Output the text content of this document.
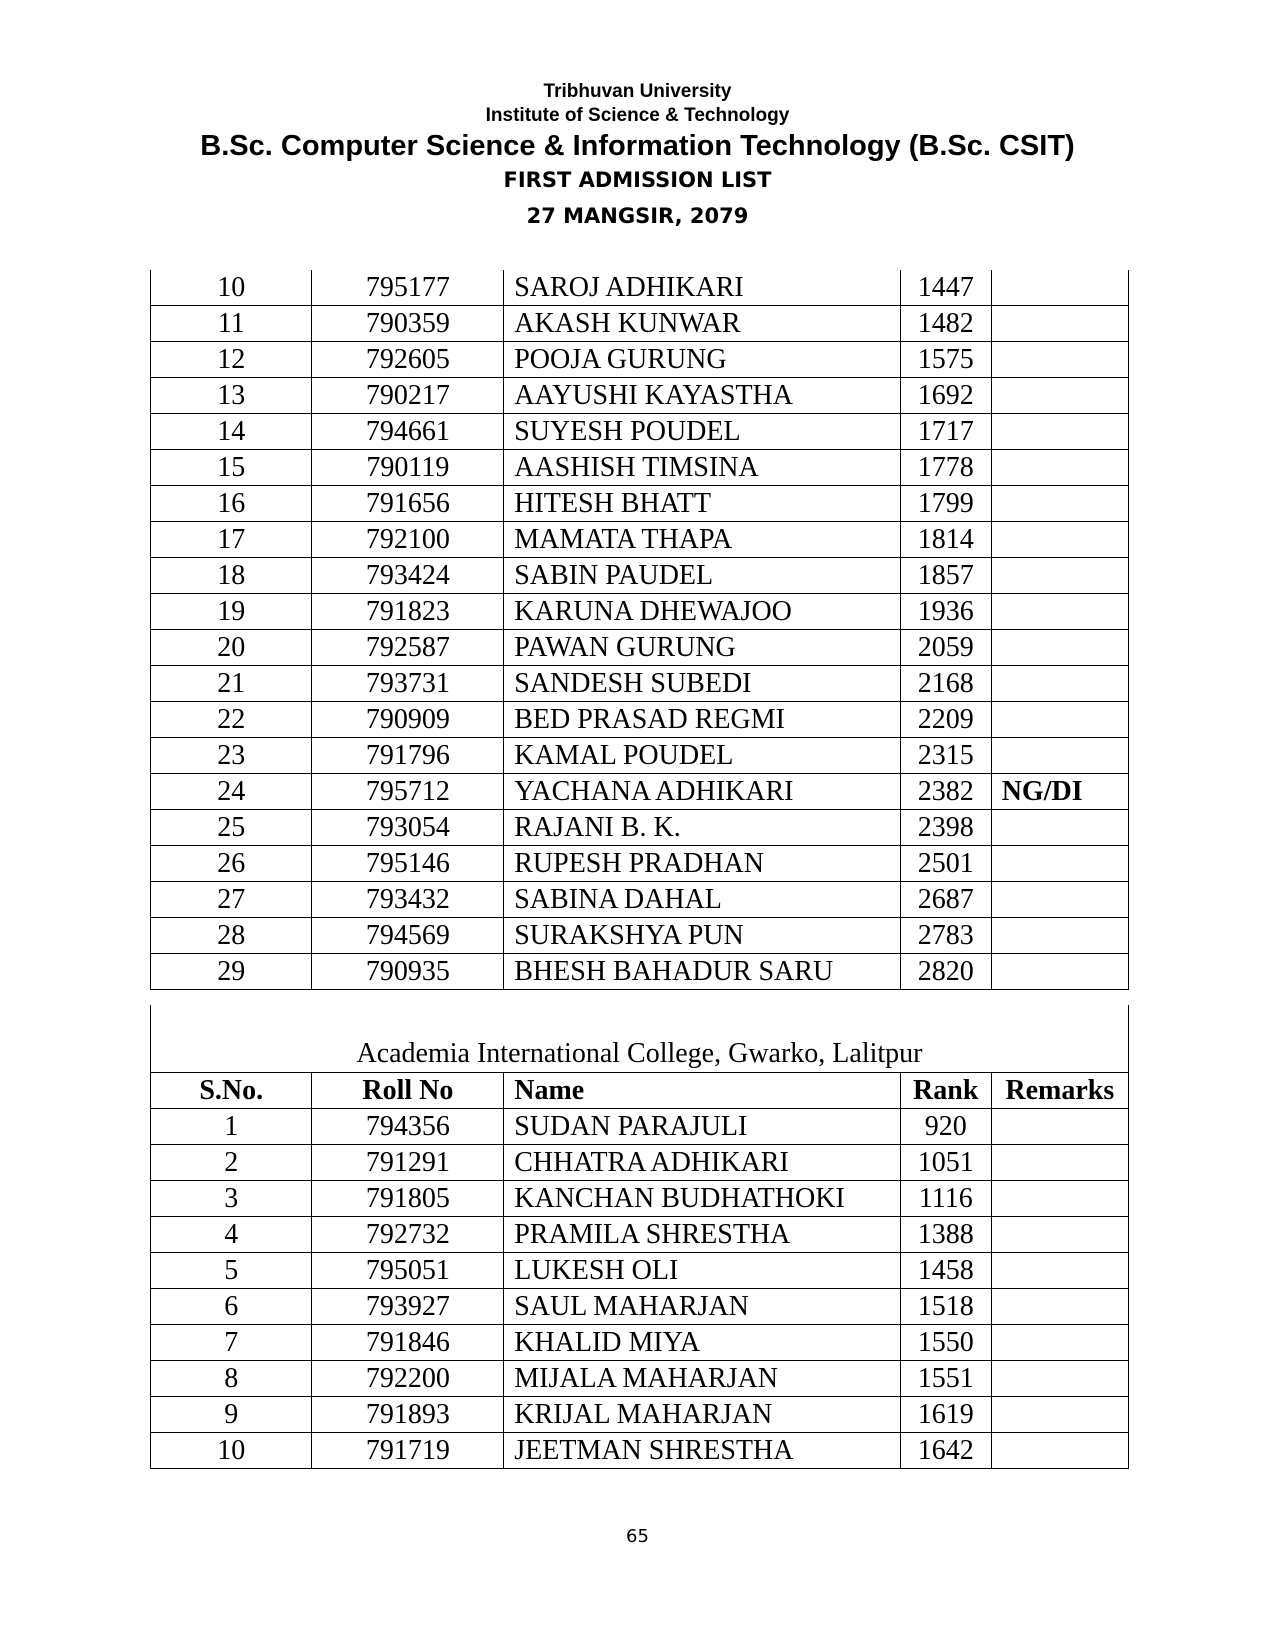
Tribhuvan University
Institute of Science & Technology
B.Sc. Computer Science & Information Technology (B.Sc. CSIT)
FIRST ADMISSION LIST
27 MANGSIR, 2079
10	795177	SAROJ ADHIKARI	1447	
11	790359	AKASH KUNWAR	1482	
12	792605	POOJA GURUNG	1575	
13	790217	AAYUSHI KAYASTHA	1692	
14	794661	SUYESH POUDEL	1717	
15	790119	AASHISH TIMSINA	1778	
16	791656	HITESH BHATT	1799	
17	792100	MAMATA THAPA	1814	
18	793424	SABIN PAUDEL	1857	
19	791823	KARUNA DHEWAJOO	1936	
20	792587	PAWAN GURUNG	2059	
21	793731	SANDESH SUBEDI	2168	
22	790909	BED PRASAD REGMI	2209	
23	791796	KAMAL POUDEL	2315	
24	795712	YACHANA ADHIKARI	2382	NG/DI
25	793054	RAJANI B. K.	2398	
26	795146	RUPESH PRADHAN	2501	
27	793432	SABINA DAHAL	2687	
28	794569	SURAKSHYA PUN	2783	
29	790935	BHESH BAHADUR SARU	2820	
Academia International College, Gwarko, Lalitpur				
S.No.	Roll No	Name	Rank	Remarks
1	794356	SUDAN PARAJULI	920	
2	791291	CHHATRA ADHIKARI	1051	
3	791805	KANCHAN BUDHATHOKI	1116	
4	792732	PRAMILA SHRESTHA	1388	
5	795051	LUKESH OLI	1458	
6	793927	SAUL MAHARJAN	1518	
7	791846	KHALID MIYA	1550	
8	792200	MIJALA MAHARJAN	1551	
9	791893	KRIJAL MAHARJAN	1619	
10	791719	JEETMAN SHRESTHA	1642	
65
